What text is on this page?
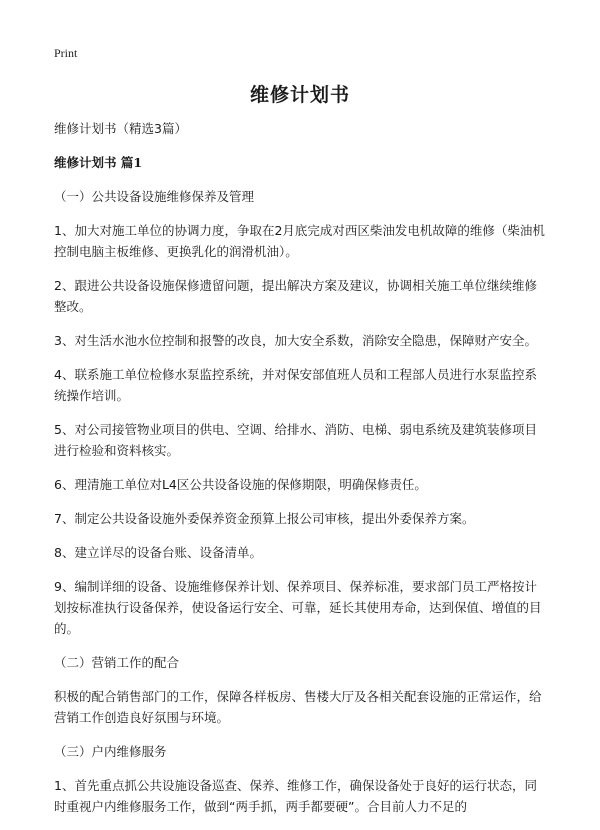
Print
维修计划书

维修计划书（精选3篇）

维修计划书 篇1

（一）公共设备设施维修保养及管理

1、加大对施工单位的协调力度，争取在2月底完成对西区柴油发电机故障的维修（柴油机控制电脑主板维修、更换乳化的润滑机油）。

2、跟进公共设备设施保修遗留问题，提出解决方案及建议，协调相关施工单位继续维修整改。

3、对生活水池水位控制和报警的改良，加大安全系数，消除安全隐患，保障财产安全。

4、联系施工单位检修水泵监控系统，并对保安部值班人员和工程部人员进行水泵监控系统操作培训。

5、对公司接管物业项目的供电、空调、给排水、消防、电梯、弱电系统及建筑装修项目进行检验和资料核实。

6、理清施工单位对L4区公共设备设施的保修期限，明确保修责任。

7、制定公共设备设施外委保养资金预算上报公司审核，提出外委保养方案。

8、建立详尽的设备台账、设备清单。

9、编制详细的设备、设施维修保养计划、保养项目、保养标准，要求部门员工严格按计划按标准执行设备保养，使设备运行安全、可靠，延长其使用寿命，达到保值、增值的目的。

（二）营销工作的配合

积极的配合销售部门的工作，保障各样板房、售楼大厅及各相关配套设施的正常运作，给营销工作创造良好氛围与环境。

（三）户内维修服务

1、首先重点抓公共设施设备巡查、保养、维修工作，确保设备处于良好的运行状态，同时重视户内维修服务工作，做到“两手抓，两手都要硬”。合目前人力不足的
